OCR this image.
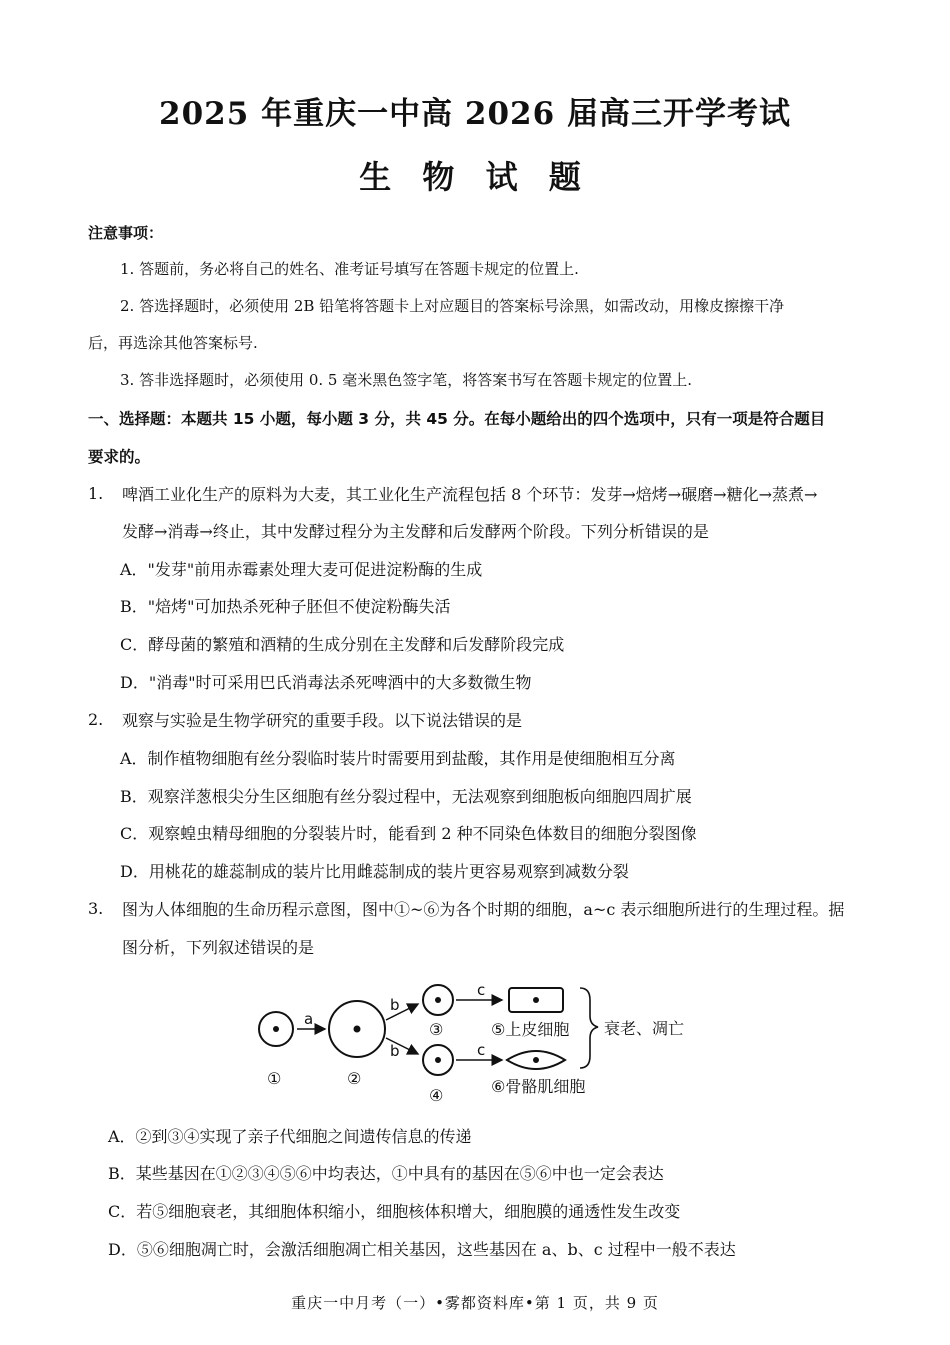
2025 年重庆一中高 2026 届高三开学考试
生 物 试 题
注意事项：
1. 答题前，务必将自己的姓名、准考证号填写在答题卡规定的位置上.
2. 答选择题时，必须使用 2B 铅笔将答题卡上对应题目的答案标号涂黑，如需改动，用橡皮擦擦干净
后，再选涂其他答案标号.
3. 答非选择题时，必须使用 0. 5 毫米黑色签字笔，将答案书写在答题卡规定的位置上.
一、选择题：本题共 15 小题，每小题 3 分，共 45 分。在每小题给出的四个选项中，只有一项是符合题目
要求的。
1. 啤酒工业化生产的原料为大麦，其工业化生产流程包括 8 个环节：发芽→焙烤→碾磨→糖化→蒸煮→
发酵→消毒→终止，其中发酵过程分为主发酵和后发酵两个阶段。下列分析错误的是
A．"发芽"前用赤霉素处理大麦可促进淀粉酶的生成
B．"焙烤"可加热杀死种子胚但不使淀粉酶失活
C．酵母菌的繁殖和酒精的生成分别在主发酵和后发酵阶段完成
D．"消毒"时可采用巴氏消毒法杀死啤酒中的大多数微生物
2. 观察与实验是生物学研究的重要手段。以下说法错误的是
A．制作植物细胞有丝分裂临时装片时需要用到盐酸，其作用是使细胞相互分离
B．观察洋葱根尖分生区细胞有丝分裂过程中，无法观察到细胞板向细胞四周扩展
C．观察蝗虫精母细胞的分裂装片时，能看到 2 种不同染色体数目的细胞分裂图像
D．用桃花的雄蕊制成的装片比用雌蕊制成的装片更容易观察到减数分裂
3. 图为人体细胞的生命历程示意图，图中①~⑥为各个时期的细胞，a~c 表示细胞所进行的生理过程。据
图分析，下列叙述错误的是
①
a
②
b
b
③
④
c
c
⑤上皮细胞
⑥骨骼肌细胞
衰老、凋亡
A．②到③④实现了亲子代细胞之间遗传信息的传递
B．某些基因在①②③④⑤⑥中均表达，①中具有的基因在⑤⑥中也一定会表达
C．若⑤细胞衰老，其细胞体积缩小，细胞核体积增大，细胞膜的通透性发生改变
D．⑤⑥细胞凋亡时，会激活细胞凋亡相关基因，这些基因在 a、b、c 过程中一般不表达
重庆一中月考（一）•雾都资料库•第 1 页，共 9 页
